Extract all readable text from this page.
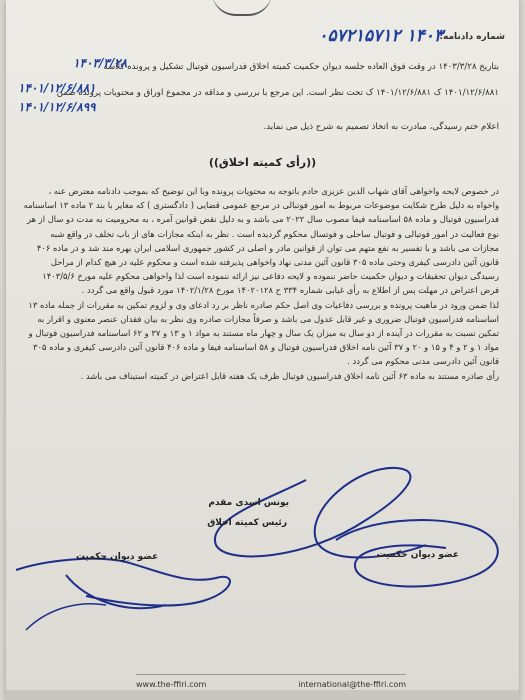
شماره دادنامه:
۱۴۰۳ ۰۵۷۲۱۵۷۱۲
بتاریخ ۱۴۰۳/۳/۲۸ در وقت فوق العاده جلسه دیوان حکمیت کمیته اخلاق فدراسیون فوتبال تشکیل و پرونده کلاسه
۱۴۰۳/۳/۲۸
۱۴۰۱/۱۲/۶/۸۸۱ ک ۱۴۰۱/۱۲/۶/۸۸۱ ک تحت نظر است. این مرجع با بررسی و مداقه در مجموع اوراق و محتویات پرونده ضمن
۱۴۰۱/۱۲/۶/۸۸۱
۱۴۰۱/۱۲/۶/۸۹۹
اعلام ختم رسیدگی، مبادرت به اتخاذ تصمیم به شرح ذیل می نماید.
((رأی کمیته اخلاق))

در خصوص لایحه واخواهی آقای شهاب الدین عزیزی خادم باتوجه به محتویات پرونده وبا این توضیح که بموجب دادنامه معترض عنه ،

واخواه به دلیل طرح شکایت موضوعات مربوط به امور فوتبالی در مرجع عمومی قضایی ( دادگستری ) که مغایر با بند ۲ ماده ۱۳ اساسنامه

فدراسیون فوتبال و ماده ۵۸ اساسنامه فیفا مصوب سال ۲۰۲۲ می باشد و به دلیل نقض قوانین آمره ، به محرومیت به مدت دو سال از هر

نوع فعالیت در امور فوتبالی و فوتبال ساحلی و فوتسال محکوم گردیده است . نظر به اینکه مجازات های از باب تخلف در واقع شبه

مجازات می باشد و با تفسیر به نفع متهم می توان از قوانین مادر و اصلی در کشور جمهوری اسلامی ایران بهره مند شد و در ماده ۴۰۶

قانون آئین دادرسی کیفری وحتی ماده ۳۰۵ قانون آئین مدنی نهاد واخواهی پذیرفته شده است و محکوم علیه در هیچ کدام از مراحل

رسیدگی دیوان تحقیقات و دیوان حکمیت حاضر ننموده و لایحه دفاعی نیز ارائه ننموده است لذا واخواهی محکوم علیه مورخ ۱۴۰۳/۵/۶

فرض اعتراض در مهلت پس از اطلاع به رأی غیابی شماره ۳۳۴ ح ۱۴۰۲۰۱۲۸ مورخ ۱۴۰۲/۱/۲۸ مورد قبول واقع می گردد .

لذا ضمن ورود در ماهیت پرونده و بررسی دفاعیات وی اصل حکم صادره ناظر بر رد ادعای وی و لزوم تمکین به مقررات از جمله ماده ۱۳

اساسنامه فدراسیون فوتبال ضروری و غیر قابل عدول می باشد و صرفاً مجازات صادره وی نظر به بیان فقدان عنصر معنوی و اقرار به

تمکین نسبت به مقررات در آینده از دو سال به میزان یک سال و چهار ماه مستند به مواد ۱ و ۱۳ و ۳۷ و ۶۲ اساسنامه فدراسیون فوتبال و

مواد ۱ و ۲ و ۴ و ۱۵ و ۲۰ و ۳۷ آئین نامه اخلاق فدراسیون فوتبال و ۵۸ اساسنامه فیفا و ماده ۴۰۶ قانون آئین دادرسی کیفری و ماده ۳۰۵

قانون آئین دادرسی مدنی محکوم می گردد .

رأی صادره مستند به ماده ۶۳ آئین نامه اخلاق فدراسیون فوتبال ظرف یک هفته قابل اعتراض در کمیته استیناف می باشد .

یونس اسدی مقدم
رئیس کمیته اخلاق
عضو دیوان حکمیت
عضو دیوان حکمیت
www.the-ffiri.com	international@the-ffiri.com
